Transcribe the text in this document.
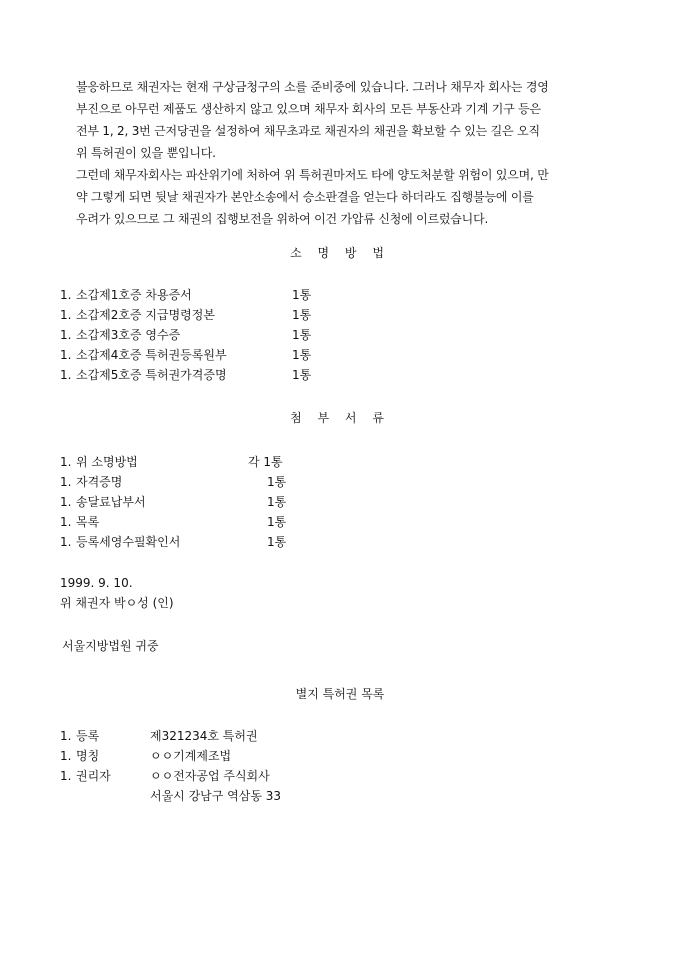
불응하므로 채권자는 현재 구상금청구의 소를 준비중에 있습니다. 그러나 채무자 회사는 경영
부진으로 아무런 제품도 생산하지 않고 있으며 채무자 회사의 모든 부동산과 기계 기구 등은
전부 1, 2, 3번 근저당권을 설정하여 채무초과로 채권자의 채권을 확보할 수 있는 길은 오직
위 특허권이 있을 뿐입니다.
그런데 채무자회사는 파산위기에 처하여 위 특허권마저도 타에 양도처분할 위험이 있으며, 만
약 그렇게 되면 뒷날 채권자가 본안소송에서 승소판결을 얻는다 하더라도 집행불능에 이를
우려가 있으므로 그 채권의 집행보전을 위하여 이건 가압류 신청에 이르렀습니다.
소 명 방 법
1. 소갑제1호증 차용증서	1통
1. 소갑제2호증 지급명령정본	1통
1. 소갑제3호증 영수증	1통
1. 소갑제4호증 특허권등록원부	1통
1. 소갑제5호증 특허권가격증명	1통
첨 부 서 류
1. 위 소명방법	각 1통
1. 자격증명	1통
1. 송달료납부서	1통
1. 목록	1통
1. 등록세영수필확인서	1통
1999. 9. 10.
위 채권자 박ㅇ성 (인)
서울지방법원 귀중
별지 특허권 목록
1. 등록	제321234호 특허권
1. 명칭	ㅇㅇ기계제조법
1. 권리자	ㅇㅇ전자공업 주식회사
서울시 강남구 역삼동 33
